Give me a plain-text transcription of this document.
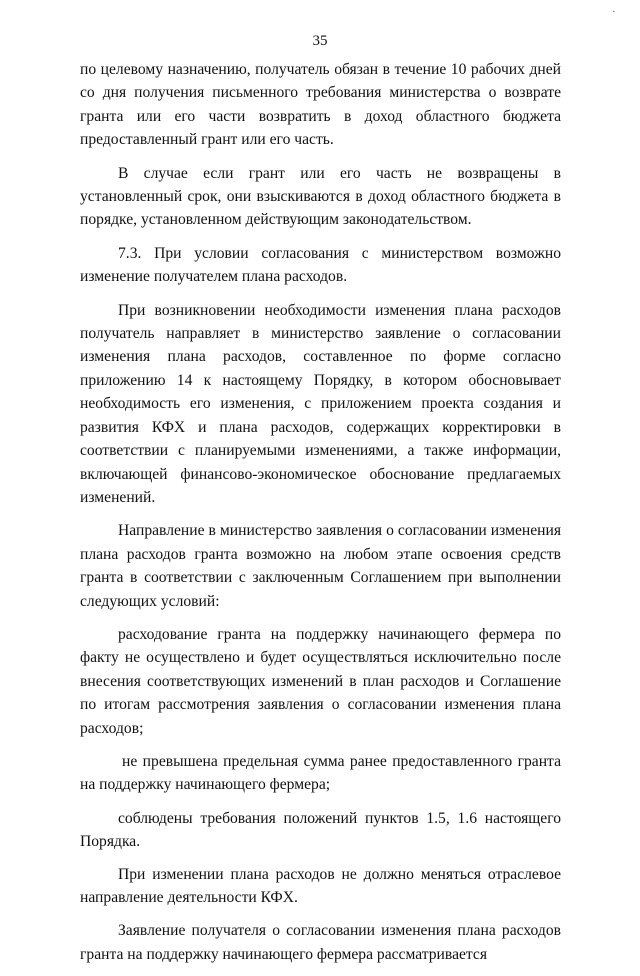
·
35

по целевому назначению, получатель обязан в течение 10 рабочих дней со дня получения письменного требования министерства о возврате гранта или его части возвратить в доход областного бюджета предоставленный грант или его часть.

В случае если грант или его часть не возвращены в установленный срок, они взыскиваются в доход областного бюджета в порядке, установленном действующим законодательством.

7.3. При условии согласования с министерством возможно изменение получателем плана расходов.

При возникновении необходимости изменения плана расходов получатель направляет в министерство заявление о согласовании изменения плана расходов, составленное по форме согласно приложению 14 к настоящему Порядку, в котором обосновывает необходимость его изменения, с приложением проекта создания и развития КФХ и плана расходов, содержащих корректировки в соответствии с планируемыми изменениями, а также информации, включающей финансово-экономическое обоснование предлагаемых изменений.

Направление в министерство заявления о согласовании изменения плана расходов гранта возможно на любом этапе освоения средств гранта в соответствии с заключенным Соглашением при выполнении следующих условий:

расходование гранта на поддержку начинающего фермера по факту не осуществлено и будет осуществляться исключительно после внесения соответствующих изменений в план расходов и Соглашение по итогам рассмотрения заявления о согласовании изменения плана расходов;

не превышена предельная сумма ранее предоставленного гранта на поддержку начинающего фермера;

соблюдены требования положений пунктов 1.5, 1.6 настоящего Порядка.

При изменении плана расходов не должно меняться отраслевое направление деятельности КФХ.

Заявление получателя о согласовании изменения плана расходов гранта на поддержку начинающего фермера рассматривается
